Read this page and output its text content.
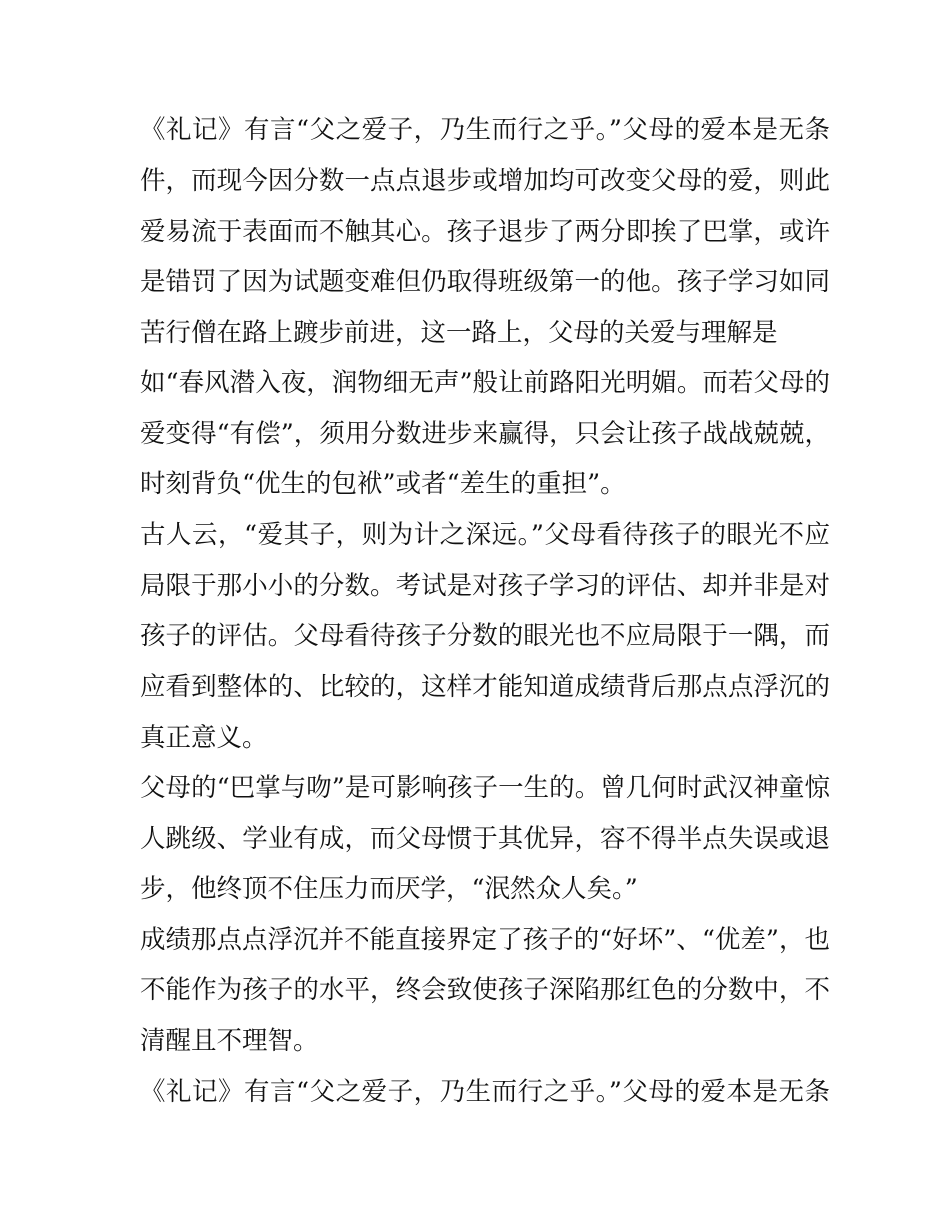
《礼记》有言“父之爱子，乃生而行之乎。”父母的爱本是无条
件，而现今因分数一点点退步或增加均可改变父母的爱，则此
爱易流于表面而不触其心。孩子退步了两分即挨了巴掌，或许
是错罚了因为试题变难但仍取得班级第一的他。孩子学习如同
苦行僧在路上踱步前进，这一路上，父母的关爱与理解是
如“春风潜入夜，润物细无声”般让前路阳光明媚。而若父母的
爱变得“有偿”，须用分数进步来赢得，只会让孩子战战兢兢，
时刻背负“优生的包袱”或者“差生的重担”。
古人云，“爱其子，则为计之深远。”父母看待孩子的眼光不应
局限于那小小的分数。考试是对孩子学习的评估、却并非是对
孩子的评估。父母看待孩子分数的眼光也不应局限于一隅，而
应看到整体的、比较的，这样才能知道成绩背后那点点浮沉的
真正意义。
父母的“巴掌与吻”是可影响孩子一生的。曾几何时武汉神童惊
人跳级、学业有成，而父母惯于其优异，容不得半点失误或退
步，他终顶不住压力而厌学，“泯然众人矣。”
成绩那点点浮沉并不能直接界定了孩子的“好坏”、“优差”，也
不能作为孩子的水平，终会致使孩子深陷那红色的分数中，不
清醒且不理智。
《礼记》有言“父之爱子，乃生而行之乎。”父母的爱本是无条
